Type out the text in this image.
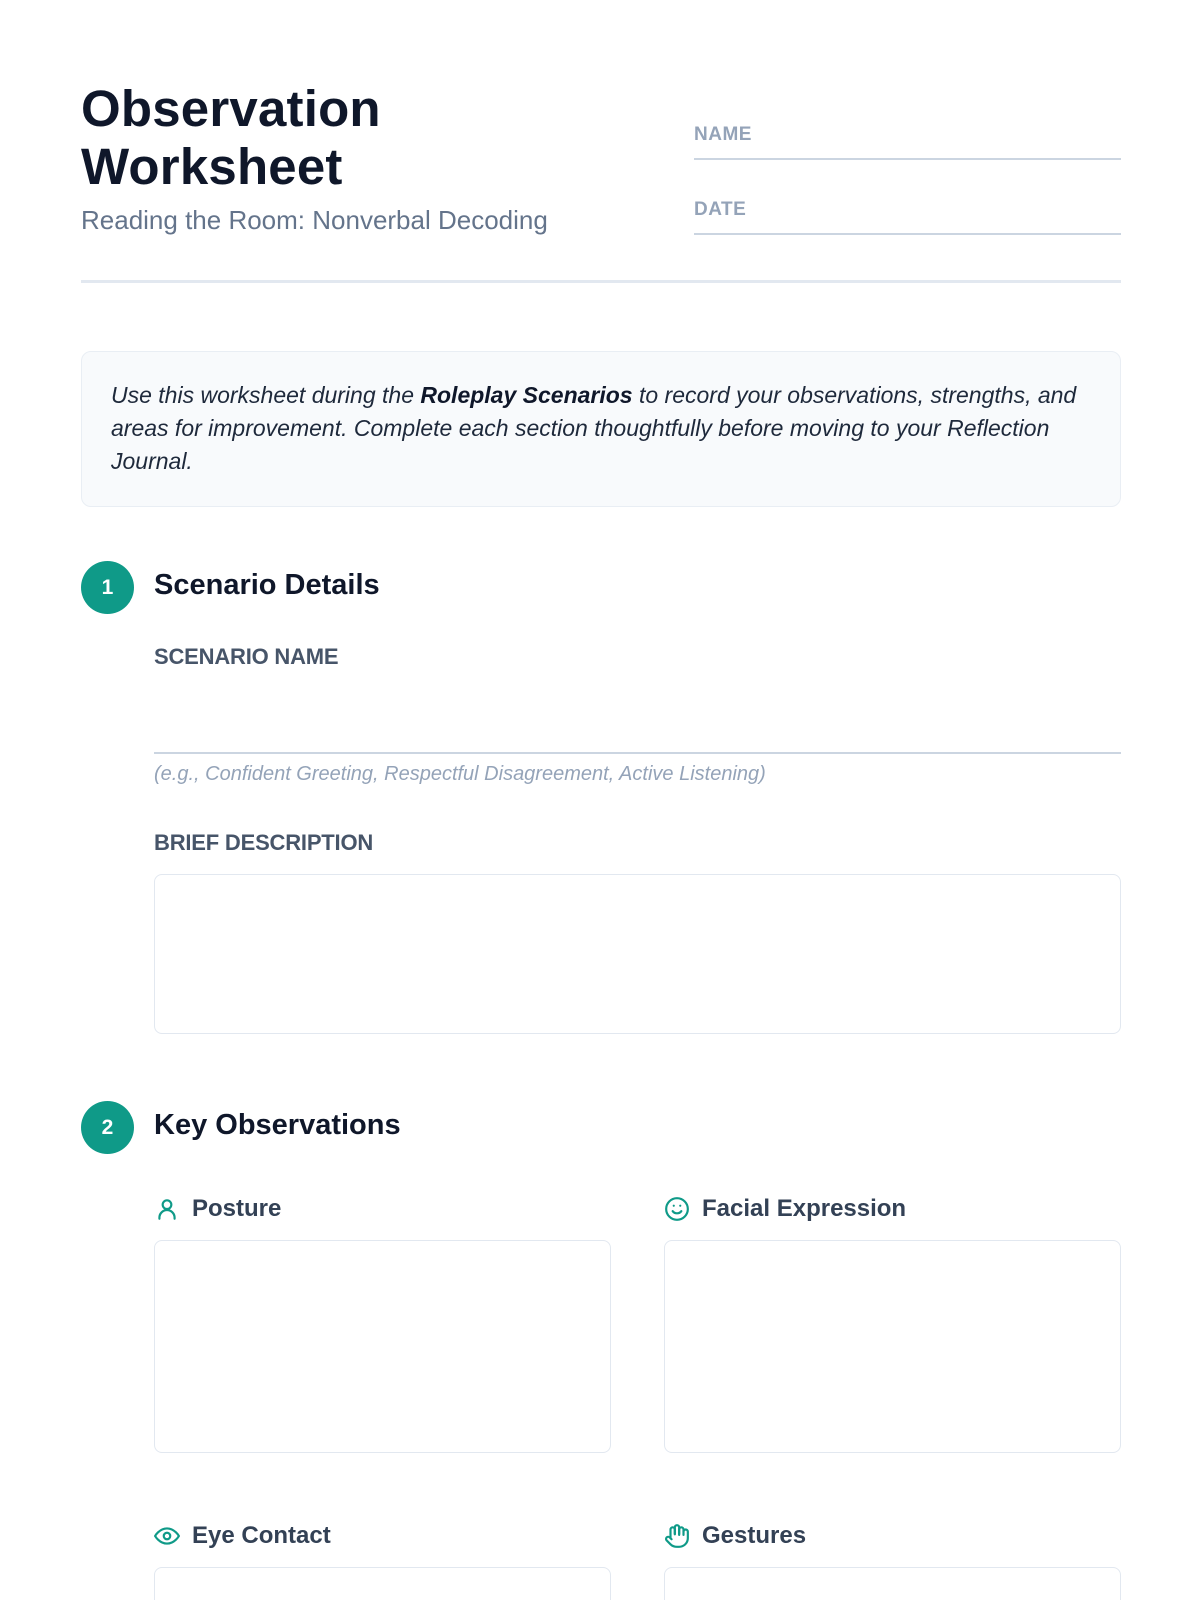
Observation
Worksheet
Reading the Room: Nonverbal Decoding
NAME
DATE

Use this worksheet during the Roleplay Scenarios to record your observations, strengths, and areas for improvement. Complete each section thoughtfully before moving to your Reflection Journal.

1	Scenario Details
SCENARIO NAME
(e.g., Confident Greeting, Respectful Disagreement, Active Listening)
BRIEF DESCRIPTION
2	Key Observations
Posture	Facial Expression
Eye Contact	Gestures
